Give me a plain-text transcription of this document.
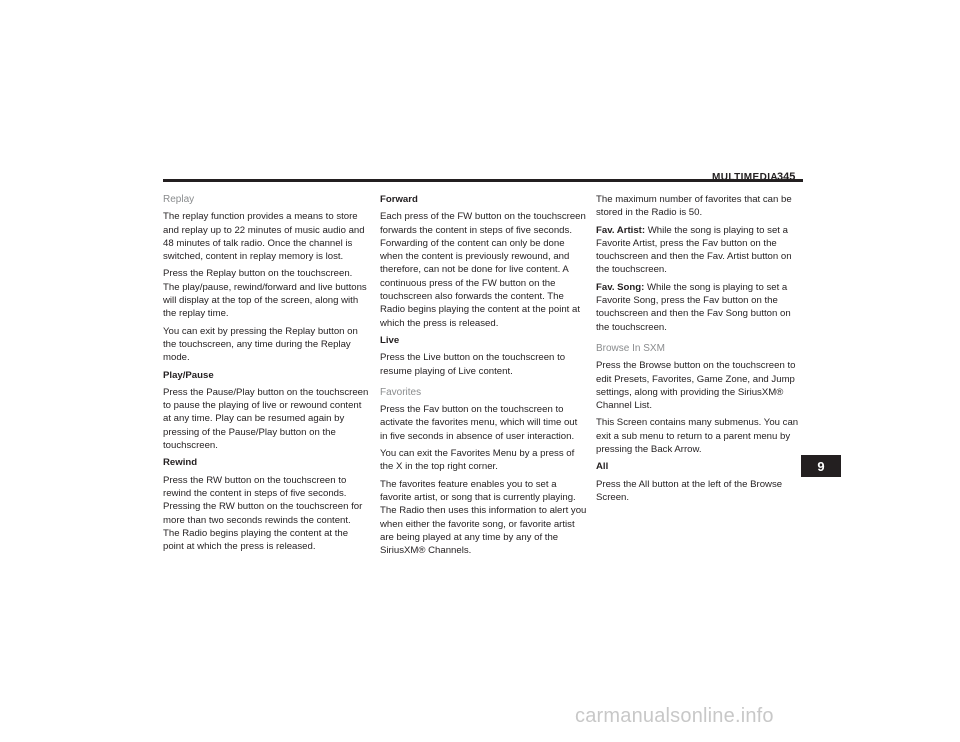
MULTIMEDIA
345

Replay

The replay function provides a means to store and replay up to 22 minutes of music audio and 48 minutes of talk radio. Once the channel is switched, content in replay memory is lost.

Press the Replay button on the touchscreen. The play/pause, rewind/forward and live buttons will display at the top of the screen, along with the replay time.

You can exit by pressing the Replay button on the touchscreen, any time during the Replay mode.

Play/Pause

Press the Pause/Play button on the touchscreen to pause the playing of live or rewound content at any time. Play can be resumed again by pressing of the Pause/Play button on the touchscreen.

Rewind

Press the RW button on the touchscreen to rewind the content in steps of five seconds. Pressing the RW button on the touchscreen for more than two seconds rewinds the content. The Radio begins playing the content at the point at which the press is released.

Forward

Each press of the FW button on the touchscreen forwards the content in steps of five seconds. Forwarding of the content can only be done when the content is previously rewound, and therefore, can not be done for live content. A continuous press of the FW button on the touchscreen also forwards the content. The Radio begins playing the content at the point at which the press is released.

Live

Press the Live button on the touchscreen to resume playing of Live content.

Favorites

Press the Fav button on the touchscreen to activate the favorites menu, which will time out in five seconds in absence of user interaction.

You can exit the Favorites Menu by a press of the X in the top right corner.

The favorites feature enables you to set a favorite artist, or song that is currently playing. The Radio then uses this information to alert you when either the favorite song, or favorite artist are being played at any time by any of the SiriusXM® Channels.

The maximum number of favorites that can be stored in the Radio is 50.

Fav. Artist: While the song is playing to set a Favorite Artist, press the Fav button on the touchscreen and then the Fav. Artist button on the touchscreen.

Fav. Song: While the song is playing to set a Favorite Song, press the Fav button on the touchscreen and then the Fav Song button on the touchscreen.

Browse In SXM

Press the Browse button on the touchscreen to edit Presets, Favorites, Game Zone, and Jump settings, along with providing the SiriusXM® Channel List.

This Screen contains many submenus. You can exit a sub menu to return to a parent menu by pressing the Back Arrow.

All

Press the All button at the left of the Browse Screen.

9
carmanualsonline.info
